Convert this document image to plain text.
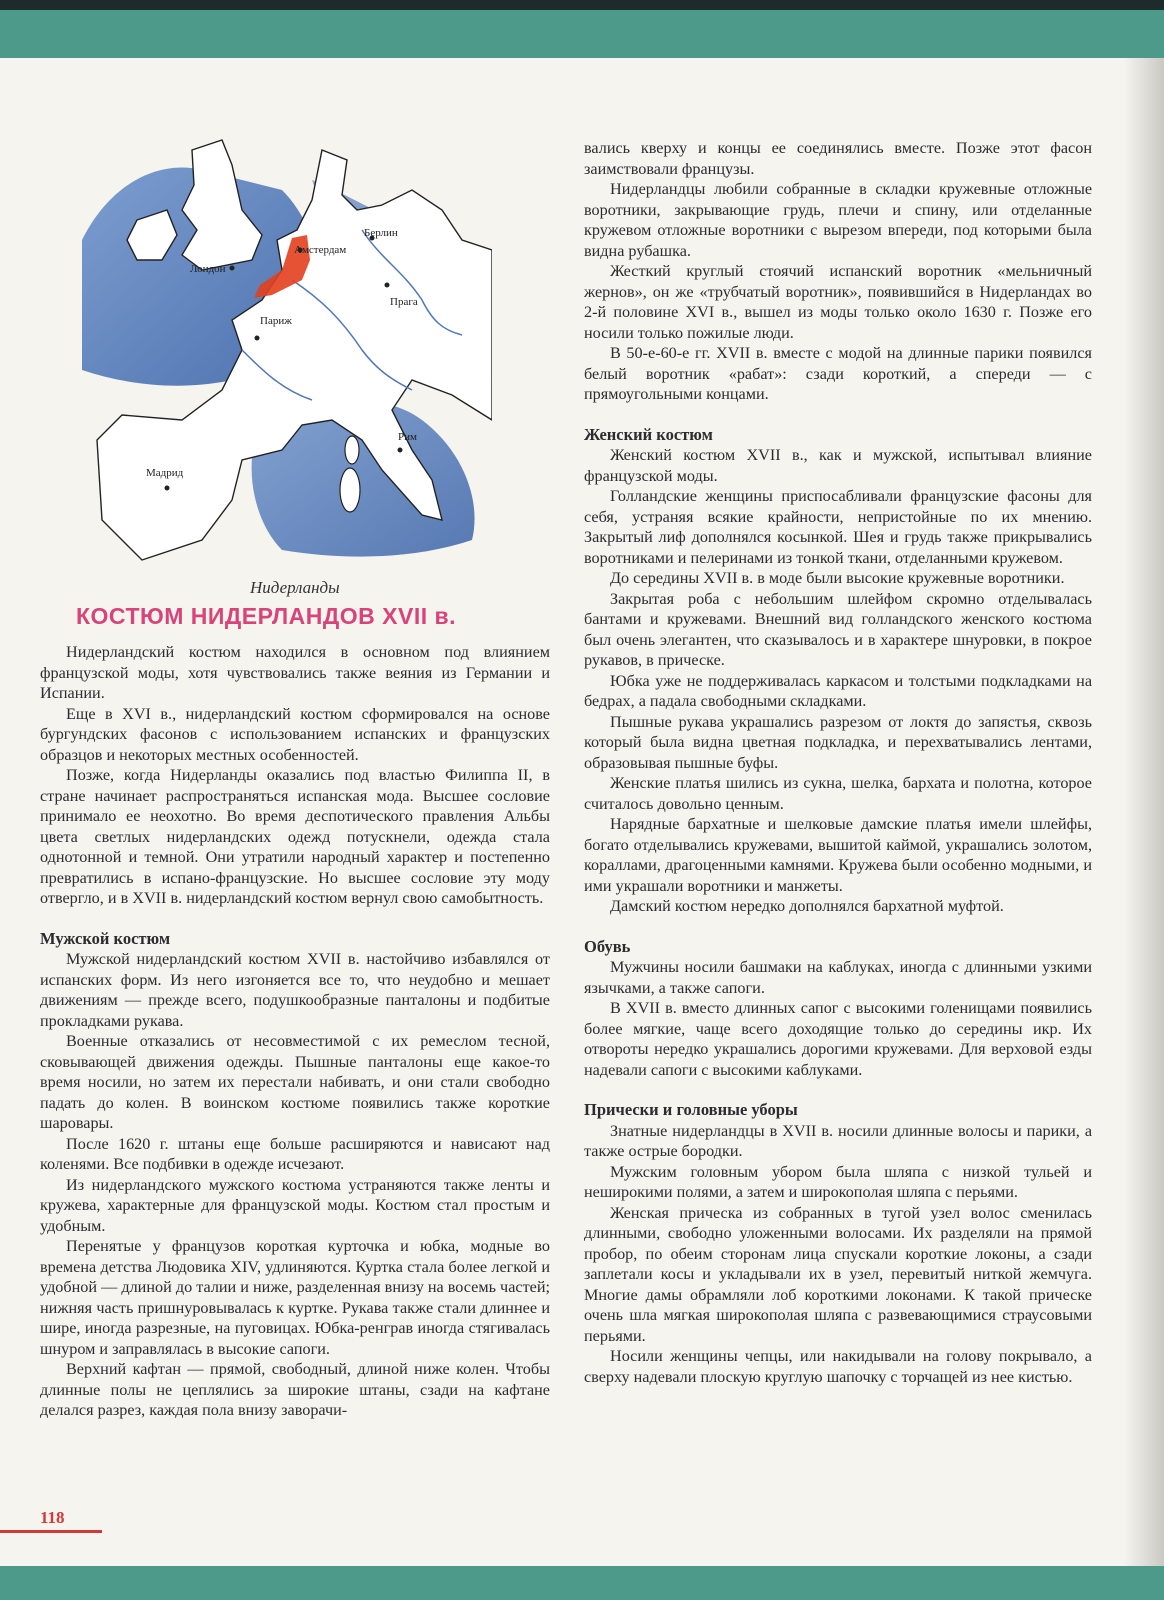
Лондон
Амстердам
Берлин
Париж
Прага
Мадрид
Рим
Нидерланды
КОСТЮМ НИДЕРЛАНДОВ XVII в.

Нидерландский костюм находился в основном под влиянием французской моды, хотя чувствовались также веяния из Германии и Испании.

Еще в XVI в., нидерландский костюм сформировался на основе бургундских фасонов с использованием испанских и французских образцов и некоторых местных особенностей.

Позже, когда Нидерланды оказались под властью Филиппа II, в стране начинает распространяться испанская мода. Высшее сословие принимало ее неохотно. Во время деспотического правления Альбы цвета светлых нидерландских одежд потускнели, одежда стала однотонной и темной. Они утратили народный характер и постепенно превратились в испано-французские. Но высшее сословие эту моду отвергло, и в XVII в. нидерландский костюм вернул свою самобытность.

Мужской костюм

Мужской нидерландский костюм XVII в. настойчиво избавлялся от испанских форм. Из него изгоняется все то, что неудобно и мешает движениям — прежде всего, подушкообразные панталоны и подбитые прокладками рукава.

Военные отказались от несовместимой с их ремеслом тесной, сковывающей движения одежды. Пышные панталоны еще какое-то время носили, но затем их перестали набивать, и они стали свободно падать до колен. В воинском костюме появились также короткие шаровары.

После 1620 г. штаны еще больше расширяются и нависают над коленями. Все подбивки в одежде исчезают.

Из нидерландского мужского костюма устраняются также ленты и кружева, характерные для французской моды. Костюм стал простым и удобным.

Перенятые у французов короткая курточка и юбка, модные во времена детства Людовика XIV, удлиняются. Куртка стала более легкой и удобной — длиной до талии и ниже, разделенная внизу на восемь частей; нижняя часть пришнуровывалась к куртке. Рукава также стали длиннее и шире, иногда разрезные, на пуговицах. Юбка-ренграв иногда стягивалась шнуром и заправлялась в высокие сапоги.

Верхний кафтан — прямой, свободный, длиной ниже колен. Чтобы длинные полы не цеплялись за широкие штаны, сзади на кафтане делался разрез, каждая пола внизу заворачи-

вались кверху и концы ее соединялись вместе. Позже этот фасон заимствовали французы.

Нидерландцы любили собранные в складки кружевные отложные воротники, закрывающие грудь, плечи и спину, или отделанные кружевом отложные воротники с вырезом впереди, под которыми была видна рубашка.

Жесткий круглый стоячий испанский воротник «мельничный жернов», он же «трубчатый воротник», появившийся в Нидерландах во 2-й половине XVI в., вышел из моды только около 1630 г. Позже его носили только пожилые люди.

В 50-е-60-е гг. XVII в. вместе с модой на длинные парики появился белый воротник «рабат»: сзади короткий, а спереди — с прямоугольными концами.

Женский костюм

Женский костюм XVII в., как и мужской, испытывал влияние французской моды.

Голландские женщины приспосабливали французские фасоны для себя, устраняя всякие крайности, непристойные по их мнению. Закрытый лиф дополнялся косынкой. Шея и грудь также прикрывались воротниками и пелеринами из тонкой ткани, отделанными кружевом.

До середины XVII в. в моде были высокие кружевные воротники.

Закрытая роба с небольшим шлейфом скромно отделывалась бантами и кружевами. Внешний вид голландского женского костюма был очень элегантен, что сказывалось и в характере шнуровки, в покрое рукавов, в прическе.

Юбка уже не поддерживалась каркасом и толстыми подкладками на бедрах, а падала свободными складками.

Пышные рукава украшались разрезом от локтя до запястья, сквозь который была видна цветная подкладка, и перехватывались лентами, образовывая пышные буфы.

Женские платья шились из сукна, шелка, бархата и полотна, которое считалось довольно ценным.

Нарядные бархатные и шелковые дамские платья имели шлейфы, богато отделывались кружевами, вышитой каймой, украшались золотом, кораллами, драгоценными камнями. Кружева были особенно модными, и ими украшали воротники и манжеты.

Дамский костюм нередко дополнялся бархатной муфтой.

Обувь

Мужчины носили башмаки на каблуках, иногда с длинными узкими язычками, а также сапоги.

В XVII в. вместо длинных сапог с высокими голенищами появились более мягкие, чаще всего доходящие только до середины икр. Их отвороты нередко украшались дорогими кружевами. Для верховой езды надевали сапоги с высокими каблуками.

Прически и головные уборы

Знатные нидерландцы в XVII в. носили длинные волосы и парики, а также острые бородки.

Мужским головным убором была шляпа с низкой тульей и неширокими полями, а затем и широкополая шляпа с перьями.

Женская прическа из собранных в тугой узел волос сменилась длинными, свободно уложенными волосами. Их разделяли на прямой пробор, по обеим сторонам лица спускали короткие локоны, а сзади заплетали косы и укладывали их в узел, перевитый ниткой жемчуга. Многие дамы обрамляли лоб короткими локонами. К такой прическе очень шла мягкая широкополая шляпа с развевающимися страусовыми перьями.

Носили женщины чепцы, или накидывали на голову покрывало, а сверху надевали плоскую круглую шапочку с торчащей из нее кистью.

118
